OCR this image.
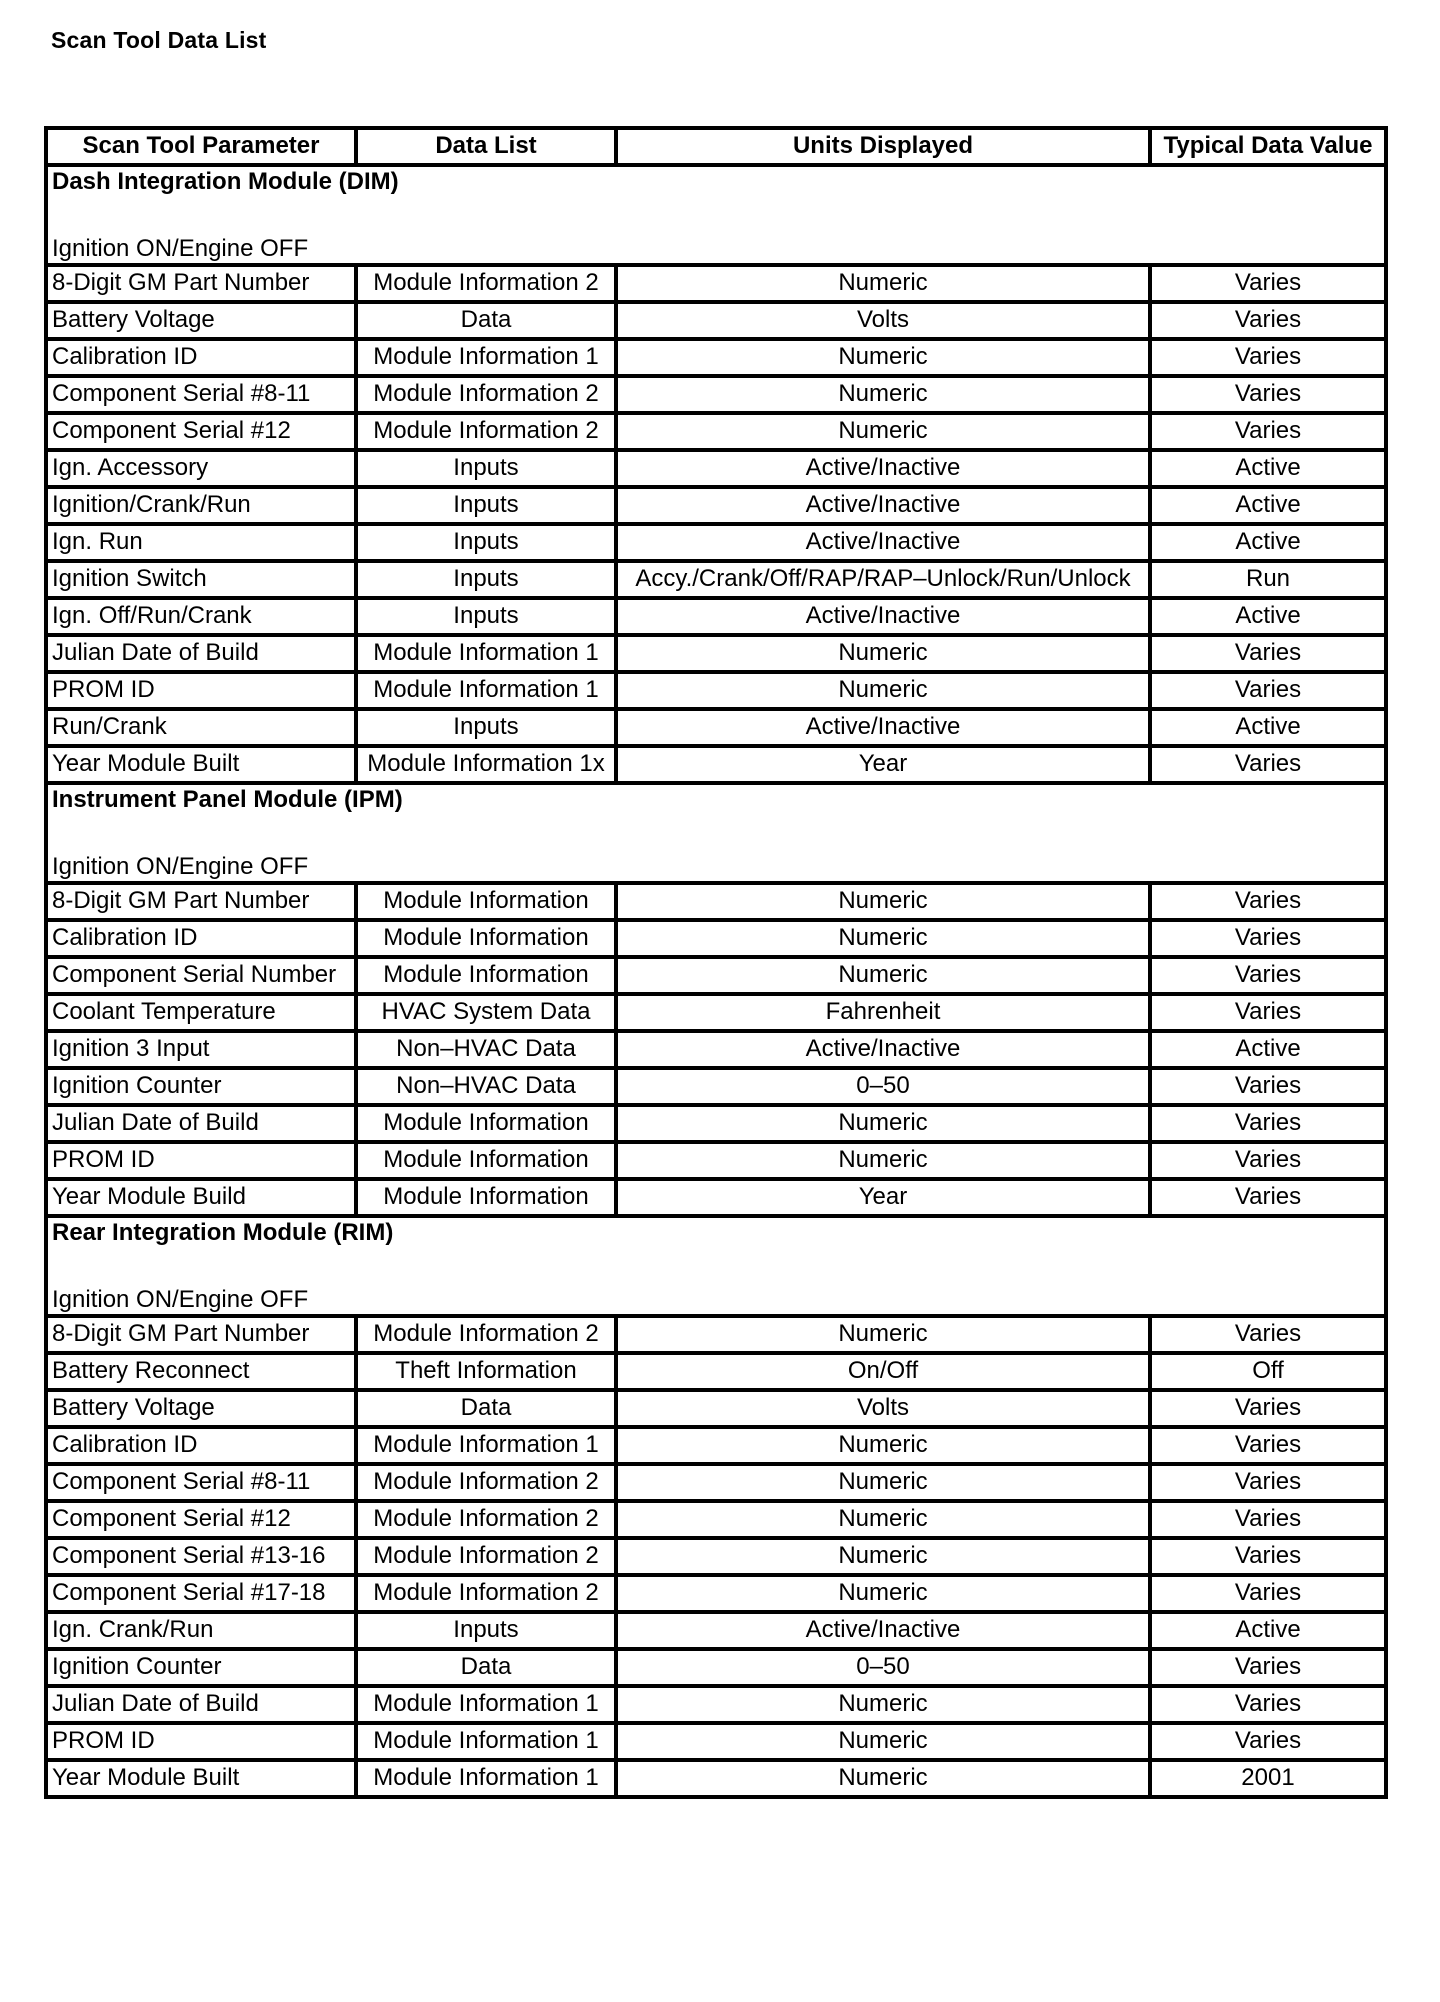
Scan Tool Data List
Scan Tool Parameter	Data List	Units Displayed	Typical Data Value

Dash Integration Module (DIM)
Ignition ON/Engine OFF			

8-Digit GM Part Number	Module Information 2	Numeric	Varies
Battery Voltage	Data	Volts	Varies
Calibration ID	Module Information 1	Numeric	Varies
Component Serial #8-11	Module Information 2	Numeric	Varies
Component Serial #12	Module Information 2	Numeric	Varies
Ign. Accessory	Inputs	Active/Inactive	Active
Ignition/Crank/Run	Inputs	Active/Inactive	Active
Ign. Run	Inputs	Active/Inactive	Active
Ignition Switch	Inputs	Accy./Crank/Off/RAP/RAP–Unlock/Run/Unlock	Run
Ign. Off/Run/Crank	Inputs	Active/Inactive	Active
Julian Date of Build	Module Information 1	Numeric	Varies
PROM ID	Module Information 1	Numeric	Varies
Run/Crank	Inputs	Active/Inactive	Active
Year Module Built	Module Information 1x	Year	Varies

Instrument Panel Module (IPM)
Ignition ON/Engine OFF			

8-Digit GM Part Number	Module Information	Numeric	Varies
Calibration ID	Module Information	Numeric	Varies
Component Serial Number	Module Information	Numeric	Varies
Coolant Temperature	HVAC System Data	Fahrenheit	Varies
Ignition 3 Input	Non–HVAC Data	Active/Inactive	Active
Ignition Counter	Non–HVAC Data	0–50	Varies
Julian Date of Build	Module Information	Numeric	Varies
PROM ID	Module Information	Numeric	Varies
Year Module Build	Module Information	Year	Varies

Rear Integration Module (RIM)
Ignition ON/Engine OFF			

8-Digit GM Part Number	Module Information 2	Numeric	Varies
Battery Reconnect	Theft Information	On/Off	Off
Battery Voltage	Data	Volts	Varies
Calibration ID	Module Information 1	Numeric	Varies
Component Serial #8-11	Module Information 2	Numeric	Varies
Component Serial #12	Module Information 2	Numeric	Varies
Component Serial #13-16	Module Information 2	Numeric	Varies
Component Serial #17-18	Module Information 2	Numeric	Varies
Ign. Crank/Run	Inputs	Active/Inactive	Active
Ignition Counter	Data	0–50	Varies
Julian Date of Build	Module Information 1	Numeric	Varies
PROM ID	Module Information 1	Numeric	Varies
Year Module Built	Module Information 1	Numeric	2001
